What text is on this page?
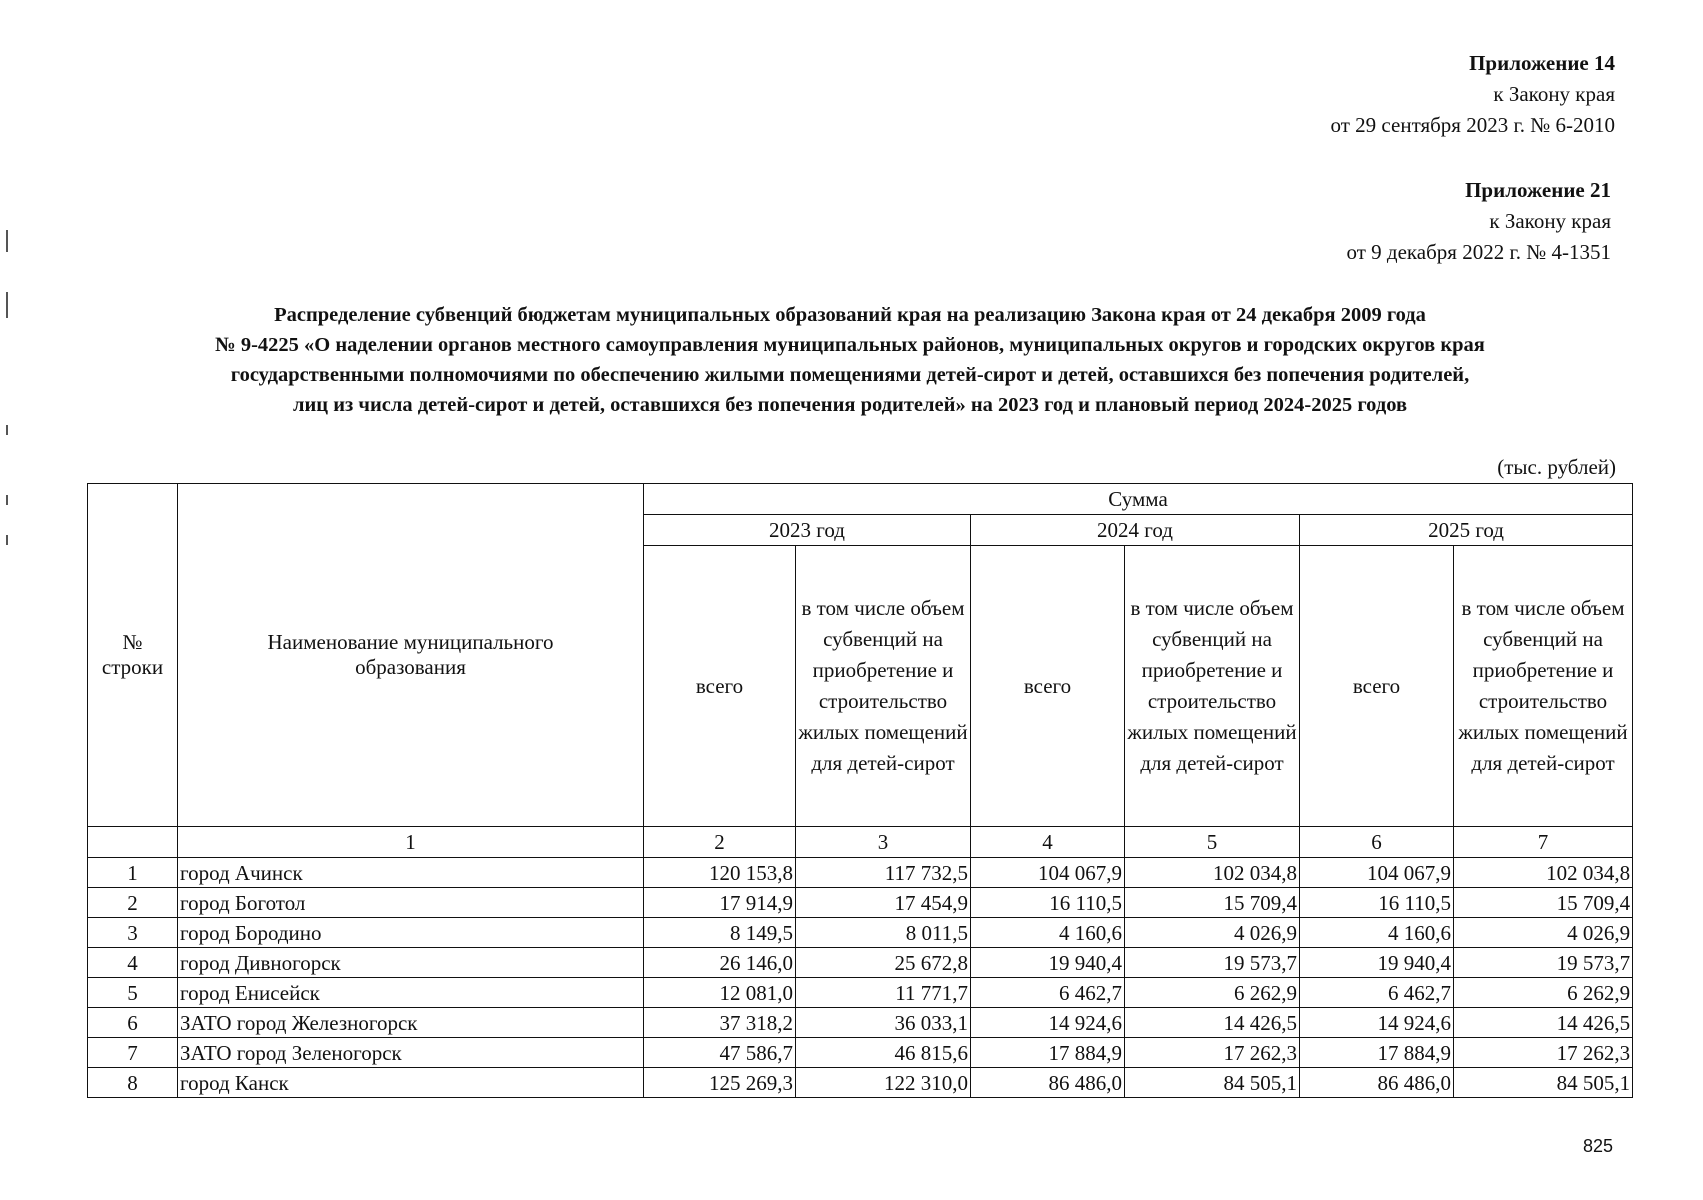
Приложение 14
к Закону края
от 29 сентября 2023 г. № 6-2010
Приложение 21
к Закону края
от 9 декабря 2022 г. № 4-1351
Распределение субвенций бюджетам муниципальных образований края на реализацию Закона края от 24 декабря 2009 года
№ 9-4225 «О наделении органов местного самоуправления муниципальных районов, муниципальных округов и городских округов края
государственными полномочиями по обеспечению жилыми помещениями детей-сирот и детей, оставшихся без попечения родителей,
лиц из числа детей-сирот и детей, оставшихся без попечения родителей» на 2023 год и плановый период 2024-2025 годов
(тыс. рублей)
№ строки	Наименование муниципального образования	Сумма					
		2023 год		2024 год		2025 год	
		всего	в том числе объем субвенций на приобретение и строительство жилых помещений для детей-сирот	всего	в том числе объем субвенций на приобретение и строительство жилых помещений для детей-сирот	всего	в том числе объем субвенций на приобретение и строительство жилых помещений для детей-сирот
	1	2	3	4	5	6	7
1	город Ачинск	120 153,8	117 732,5	104 067,9	102 034,8	104 067,9	102 034,8
2	город Боготол	17 914,9	17 454,9	16 110,5	15 709,4	16 110,5	15 709,4
3	город Бородино	8 149,5	8 011,5	4 160,6	4 026,9	4 160,6	4 026,9
4	город Дивногорск	26 146,0	25 672,8	19 940,4	19 573,7	19 940,4	19 573,7
5	город Енисейск	12 081,0	11 771,7	6 462,7	6 262,9	6 462,7	6 262,9
6	ЗАТО город Железногорск	37 318,2	36 033,1	14 924,6	14 426,5	14 924,6	14 426,5
7	ЗАТО город Зеленогорск	47 586,7	46 815,6	17 884,9	17 262,3	17 884,9	17 262,3
8	город Канск	125 269,3	122 310,0	86 486,0	84 505,1	86 486,0	84 505,1
825
